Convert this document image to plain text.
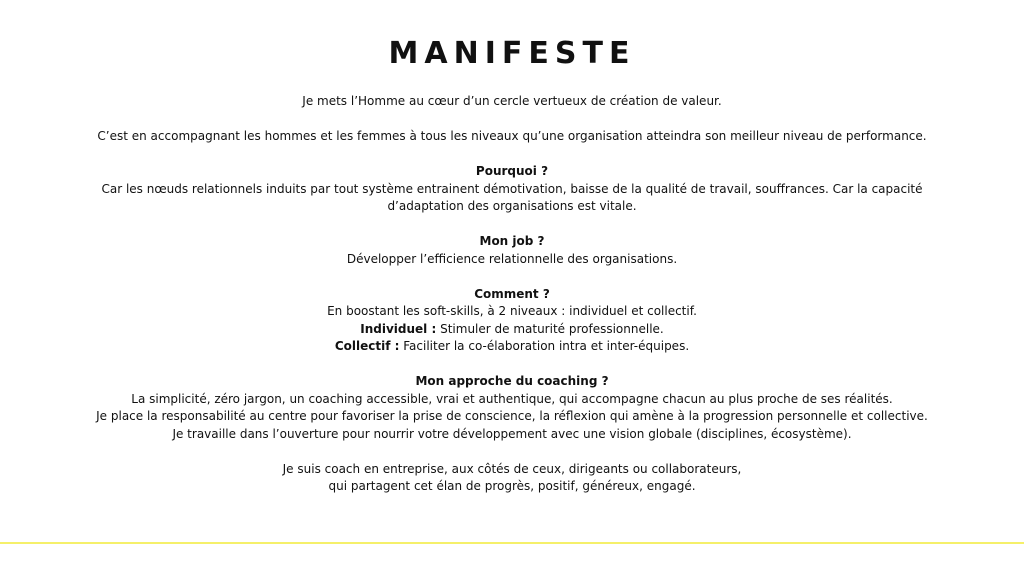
MANIFESTE
Je mets l’Homme au cœur d’un cercle vertueux de création de valeur.
C’est en accompagnant les hommes et les femmes à tous les niveaux qu’une organisation atteindra son meilleur niveau de performance.
Pourquoi ?
Car les nœuds relationnels induits par tout système entrainent démotivation, baisse de la qualité de travail, souffrances. Car la capacité
d’adaptation des organisations est vitale.
Mon job ?
Développer l’efficience relationnelle des organisations.
Comment ?
En boostant les soft-skills, à 2 niveaux : individuel et collectif.
Individuel : Stimuler de maturité professionnelle.
Collectif : Faciliter la co-élaboration intra et inter-équipes.
Mon approche du coaching ?
La simplicité, zéro jargon, un coaching accessible, vrai et authentique, qui accompagne chacun au plus proche de ses réalités.
Je place la responsabilité au centre pour favoriser la prise de conscience, la réflexion qui amène à la progression personnelle et collective.
Je travaille dans l’ouverture pour nourrir votre développement avec une vision globale (disciplines, écosystème).
Je suis coach en entreprise, aux côtés de ceux, dirigeants ou collaborateurs,
qui partagent cet élan de progrès, positif, généreux, engagé.
